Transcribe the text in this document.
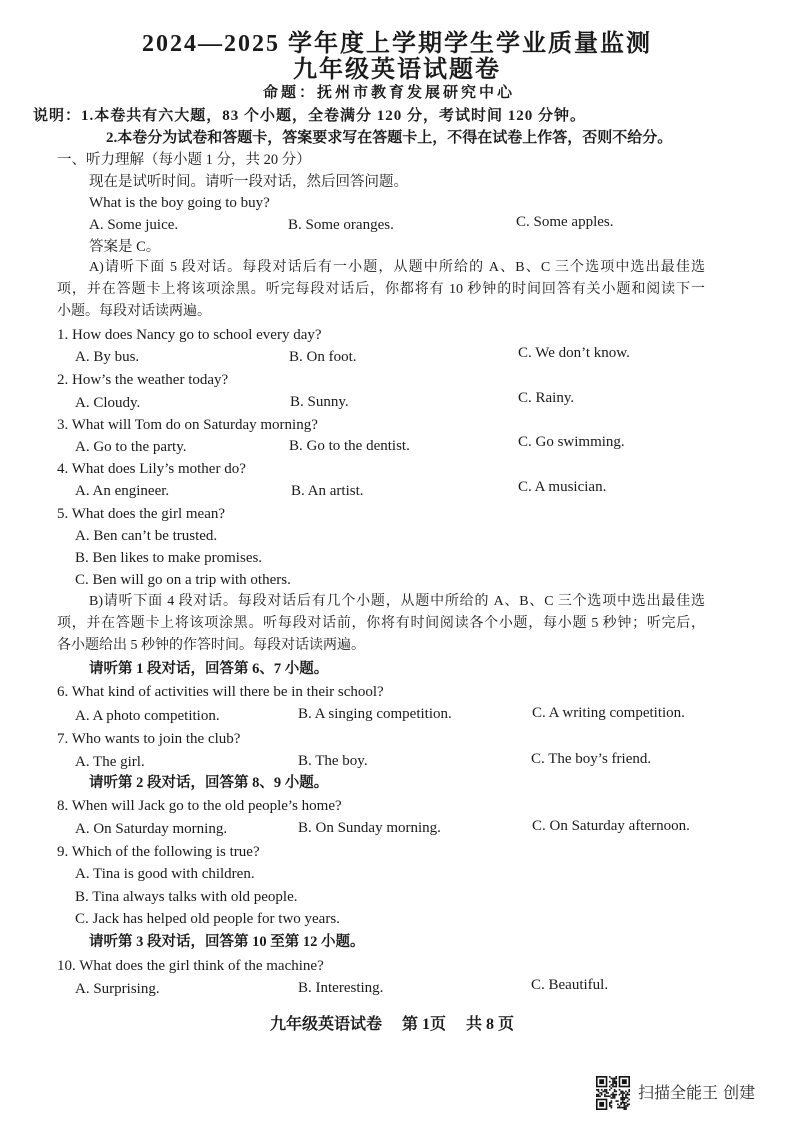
2024—2025 学年度上学期学生学业质量监测
九年级英语试题卷
命题：抚州市教育发展研究中心
说明：1.本卷共有六大题，83 个小题，全卷满分 120 分，考试时间 120 分钟。
2.本卷分为试卷和答题卡，答案要求写在答题卡上，不得在试卷上作答，否则不给分。
一、听力理解（每小题 1 分，共 20 分）
现在是试听时间。请听一段对话，然后回答问题。
What is the boy going to buy?
A. Some juice.	B. Some oranges.	C. Some apples.
答案是 C。
A)请听下面 5 段对话。每段对话后有一小题，从题中所给的 A、B、C 三个选项中选出最佳选
项，并在答题卡上将该项涂黑。听完每段对话后，你都将有 10 秒钟的时间回答有关小题和阅读下一
小题。每段对话读两遍。
1. How does Nancy go to school every day?
A. By bus.	B. On foot.	C. We don’t know.
2. How’s the weather today?
A. Cloudy.	B. Sunny.	C. Rainy.
3. What will Tom do on Saturday morning?
A. Go to the party.	B. Go to the dentist.	C. Go swimming.
4. What does Lily’s mother do?
A. An engineer.	B. An artist.	C. A musician.
5. What does the girl mean?
A. Ben can’t be trusted.
B. Ben likes to make promises.
C. Ben will go on a trip with others.
B)请听下面 4 段对话。每段对话后有几个小题，从题中所给的 A、B、C 三个选项中选出最佳选
项，并在答题卡上将该项涂黑。听每段对话前，你将有时间阅读各个小题，每小题 5 秒钟；听完后，
各小题给出 5 秒钟的作答时间。每段对话读两遍。
请听第 1 段对话，回答第 6、7 小题。
6. What kind of activities will there be in their school?
A. A photo competition.	B. A singing competition.	C. A writing competition.
7. Who wants to join the club?
A. The girl.	B. The boy.	C. The boy’s friend.
请听第 2 段对话，回答第 8、9 小题。
8. When will Jack go to the old people’s home?
A. On Saturday morning.	B. On Sunday morning.	C. On Saturday afternoon.
9. Which of the following is true?
A. Tina is good with children.
B. Tina always talks with old people.
C. Jack has helped old people for two years.
请听第 3 段对话，回答第 10 至第 12 小题。
10. What does the girl think of the machine?
A. Surprising.	B. Interesting.	C. Beautiful.
九年级英语试卷 第 1页 共 8 页
扫描全能王 创建
